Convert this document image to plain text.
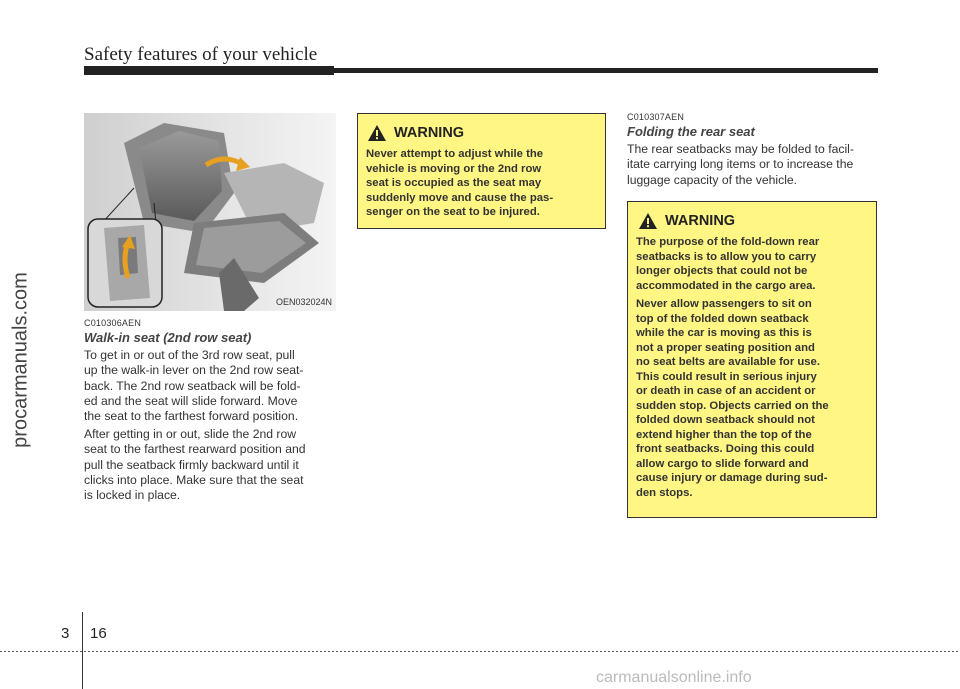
Safety features of your vehicle
procarmanuals.com	OEN032024N
C010306AEN
Walk-in seat (2nd row seat)
To get in or out of the 3rd row seat, pull
up the walk-in lever on the 2nd row seat-
back. The 2nd row seatback will be fold-
ed and the seat will slide forward. Move
the seat to the farthest forward position.
After getting in or out, slide the 2nd row
seat to the farthest rearward position and
pull the seatback firmly backward until it
clicks into place. Make sure that the seat
is locked in place.
WARNING
Never attempt to adjust while the
vehicle is moving or the 2nd row
seat is occupied as the seat may
suddenly move and cause the pas-
senger on the seat to be injured.
C010307AEN
Folding the rear seat
The rear seatbacks may be folded to facil-
itate carrying long items or to increase the
luggage capacity of the vehicle.
WARNING
The purpose of the fold-down rear
seatbacks is to allow you to carry
longer objects that could not be
accommodated in the cargo area.
Never allow passengers to sit on
top of the folded down seatback
while the car is moving as this is
not a proper seating position and
no seat belts are available for use.
This could result in serious injury
or death in case of an accident or
sudden stop. Objects carried on the
folded down seatback should not
extend higher than the top of the
front seatbacks. Doing this could
allow cargo to slide forward and
cause injury or damage during sud-
den stops.
3 16
carmanualsonline.info
